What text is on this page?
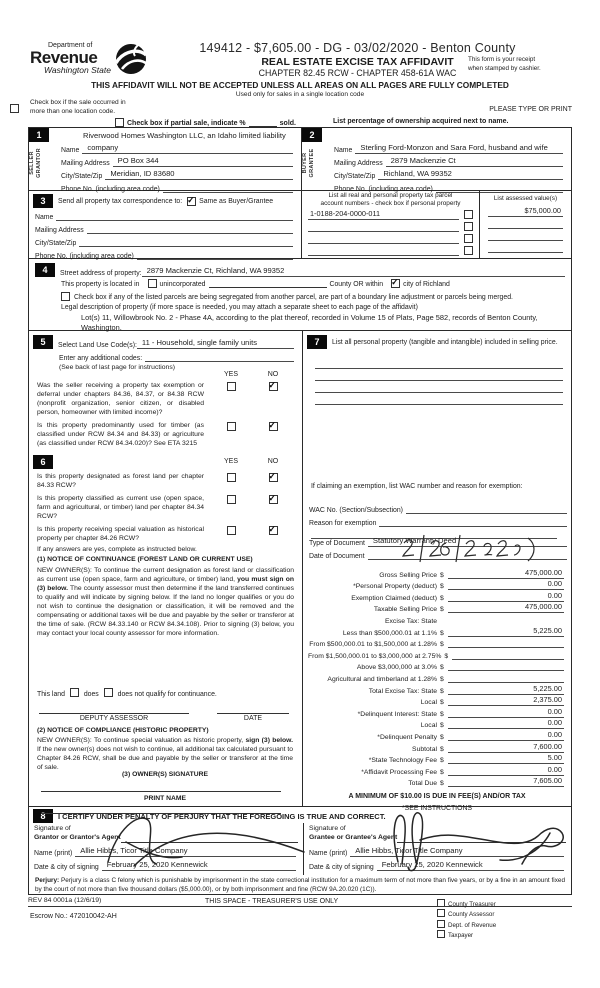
Department of
Revenue
Washington State
149412 - $7,605.00 - DG - 03/02/2020 - Benton County
REAL ESTATE EXCISE TAX AFFIDAVIT
CHAPTER 82.45 RCW - CHAPTER 458-61A WAC
This form is your receipt
when stamped by cashier.
THIS AFFIDAVIT WILL NOT BE ACCEPTED UNLESS ALL AREAS ON ALL PAGES ARE FULLY COMPLETED
Used only for sales in a single location code
Check box if the sale occurred in
more than one location code.	PLEASE TYPE OR PRINT
Check box if partial sale, indicate %	sold.	List percentage of ownership acquired next to name.
1
SELLER GRANTOR
Riverwood Homes Washington LLC, an Idaho limited liability
Name	company
Mailing Address	PO Box 344
City/State/Zip	Meridian, ID 83680
Phone No. (including area code)
2
BUYER GRANTEE	Name	Sterling Ford-Monzon and Sara Ford, husband and wife
Mailing Address	2879 Mackenzie Ct
City/State/Zip	Richland, WA 99352
Phone No. (including area code)
3	Send all property tax correspondence to: ✓ Same as Buyer/Grantee
Name
Mailing Address
City/State/Zip
Phone No. (including area code)
List all real and personal property tax parcel
account numbers - check box if personal property
1-0188-204-0000-011
List assessed value(s)
$75,000.00
4	Street address of property: 2879 Mackenzie Ct, Richland, WA 99352
This property is located in	unincorporated	County OR within ✓	city of Richland
Check box if any of the listed parcels are being segregated from another parcel, are part of a boundary line adjustment or parcels being merged.
Legal description of property (if more space is needed, you may attach a separate sheet to each page of the affidavit)
Lot(s) 11, Willowbrook No. 2 - Phase 4A, according to the plat thereof, recorded in Volume 15 of Plats, Page 582, records of Benton County, Washington.
5	Select Land Use Code(s): 11 - Household, single family units
Enter any additional codes:
(See back of last page for instructions)
YES	NO
Was the seller receiving a property tax exemption or deferral under chapters 84.36, 84.37, or 84.38 RCW (nonprofit organization, senior citizen, or disabled person, homeowner with limited income)?
✓
Is this property predominantly used for timber (as classified under RCW 84.34 and 84.33) or agriculture (as classified under RCW 84.34.020)? See ETA 3215
✓
6	YES	NO
Is this property designated as forest land per chapter 84.33 RCW?
✓
Is this property classified as current use (open space, farm and agricultural, or timber) land per chapter 84.34 RCW?
✓
Is this property receiving special valuation as historical property per chapter 84.26 RCW?
✓
If any answers are yes, complete as instructed below.
(1) NOTICE OF CONTINUANCE (FOREST LAND OR CURRENT USE)
NEW OWNER(S): To continue the current designation as forest land or classification as current use (open space, farm and agriculture, or timber) land, you must sign on (3) below. The county assessor must then determine if the land transferred continues to qualify and will indicate by signing below. If the land no longer qualifies or you do not wish to continue the designation or classification, it will be removed and the compensating or additional taxes will be due and payable by the seller or transferor at the time of sale. (RCW 84.33.140 or RCW 84.34.108). Prior to signing (3) below, you may contact your local county assessor for more information.
This land	does	does not qualify for continuance.
DEPUTY ASSESSOR	DATE
(2) NOTICE OF COMPLIANCE (HISTORIC PROPERTY)
NEW OWNER(S): To continue special valuation as historic property, sign (3) below. If the new owner(s) does not wish to continue, all additional tax calculated pursuant to Chapter 84.26 RCW, shall be due and payable by the seller or transferor at the time of sale.
(3) OWNER(S) SIGNATURE
PRINT NAME
7	List all personal property (tangible and intangible) included in selling price.
If claiming an exemption, list WAC number and reason for exemption:
WAC No. (Section/Subsection)
Reason for exemption
Type of Document	Statutory Warranty Deed
Date of Document
Gross Selling Price $	475,000.00
*Personal Property (deduct) $	0.00
Exemption Claimed (deduct) $	0.00
Taxable Selling Price $	475,000.00
Excise Tax: State
Less than $500,000.01 at 1.1% $	5,225.00
From $500,000.01 to $1,500,000 at 1.28% $
From $1,500,000.01 to $3,000,000 at 2.75% $
Above $3,000,000 at 3.0% $
Agricultural and timberland at 1.28% $
Total Excise Tax: State $	5,225.00
Local $	2,375.00
*Delinquent Interest: State $	0.00
Local $	0.00
*Delinquent Penalty $	0.00
Subtotal $	7,600.00
*State Technology Fee $	5.00
*Affidavit Processing Fee $	0.00
Total Due $	7,605.00
A MINIMUM OF $10.00 IS DUE IN FEE(S) AND/OR TAX
*SEE INSTRUCTIONS
8	I CERTIFY UNDER PENALTY OF PERJURY THAT THE FOREGOING IS TRUE AND CORRECT.
Signature of
Grantor or Grantor's Agent
Name (print)	Allie Hibbs, Ticor Title Company
Date & city of signing	February 25, 2020 Kennewick
Signature of
Grantee or Grantee's Agent
Name (print)	Allie Hibbs, Ticor Title Company
Date & city of signing	February 25, 2020 Kennewick
Perjury: Perjury is a class C felony which is punishable by imprisonment in the state correctional institution for a maximum term of not more than five years, or by a fine in an amount fixed by the court of not more than five thousand dollars ($5,000.00), or by both imprisonment and fine (RCW 9A.20.020 (1C)).
REV 84 0001a (12/6/19)	THIS SPACE - TREASURER'S USE ONLY
Escrow No.: 472010042-AH
County Treasurer
County Assessor
Dept. of Revenue
Taxpayer
